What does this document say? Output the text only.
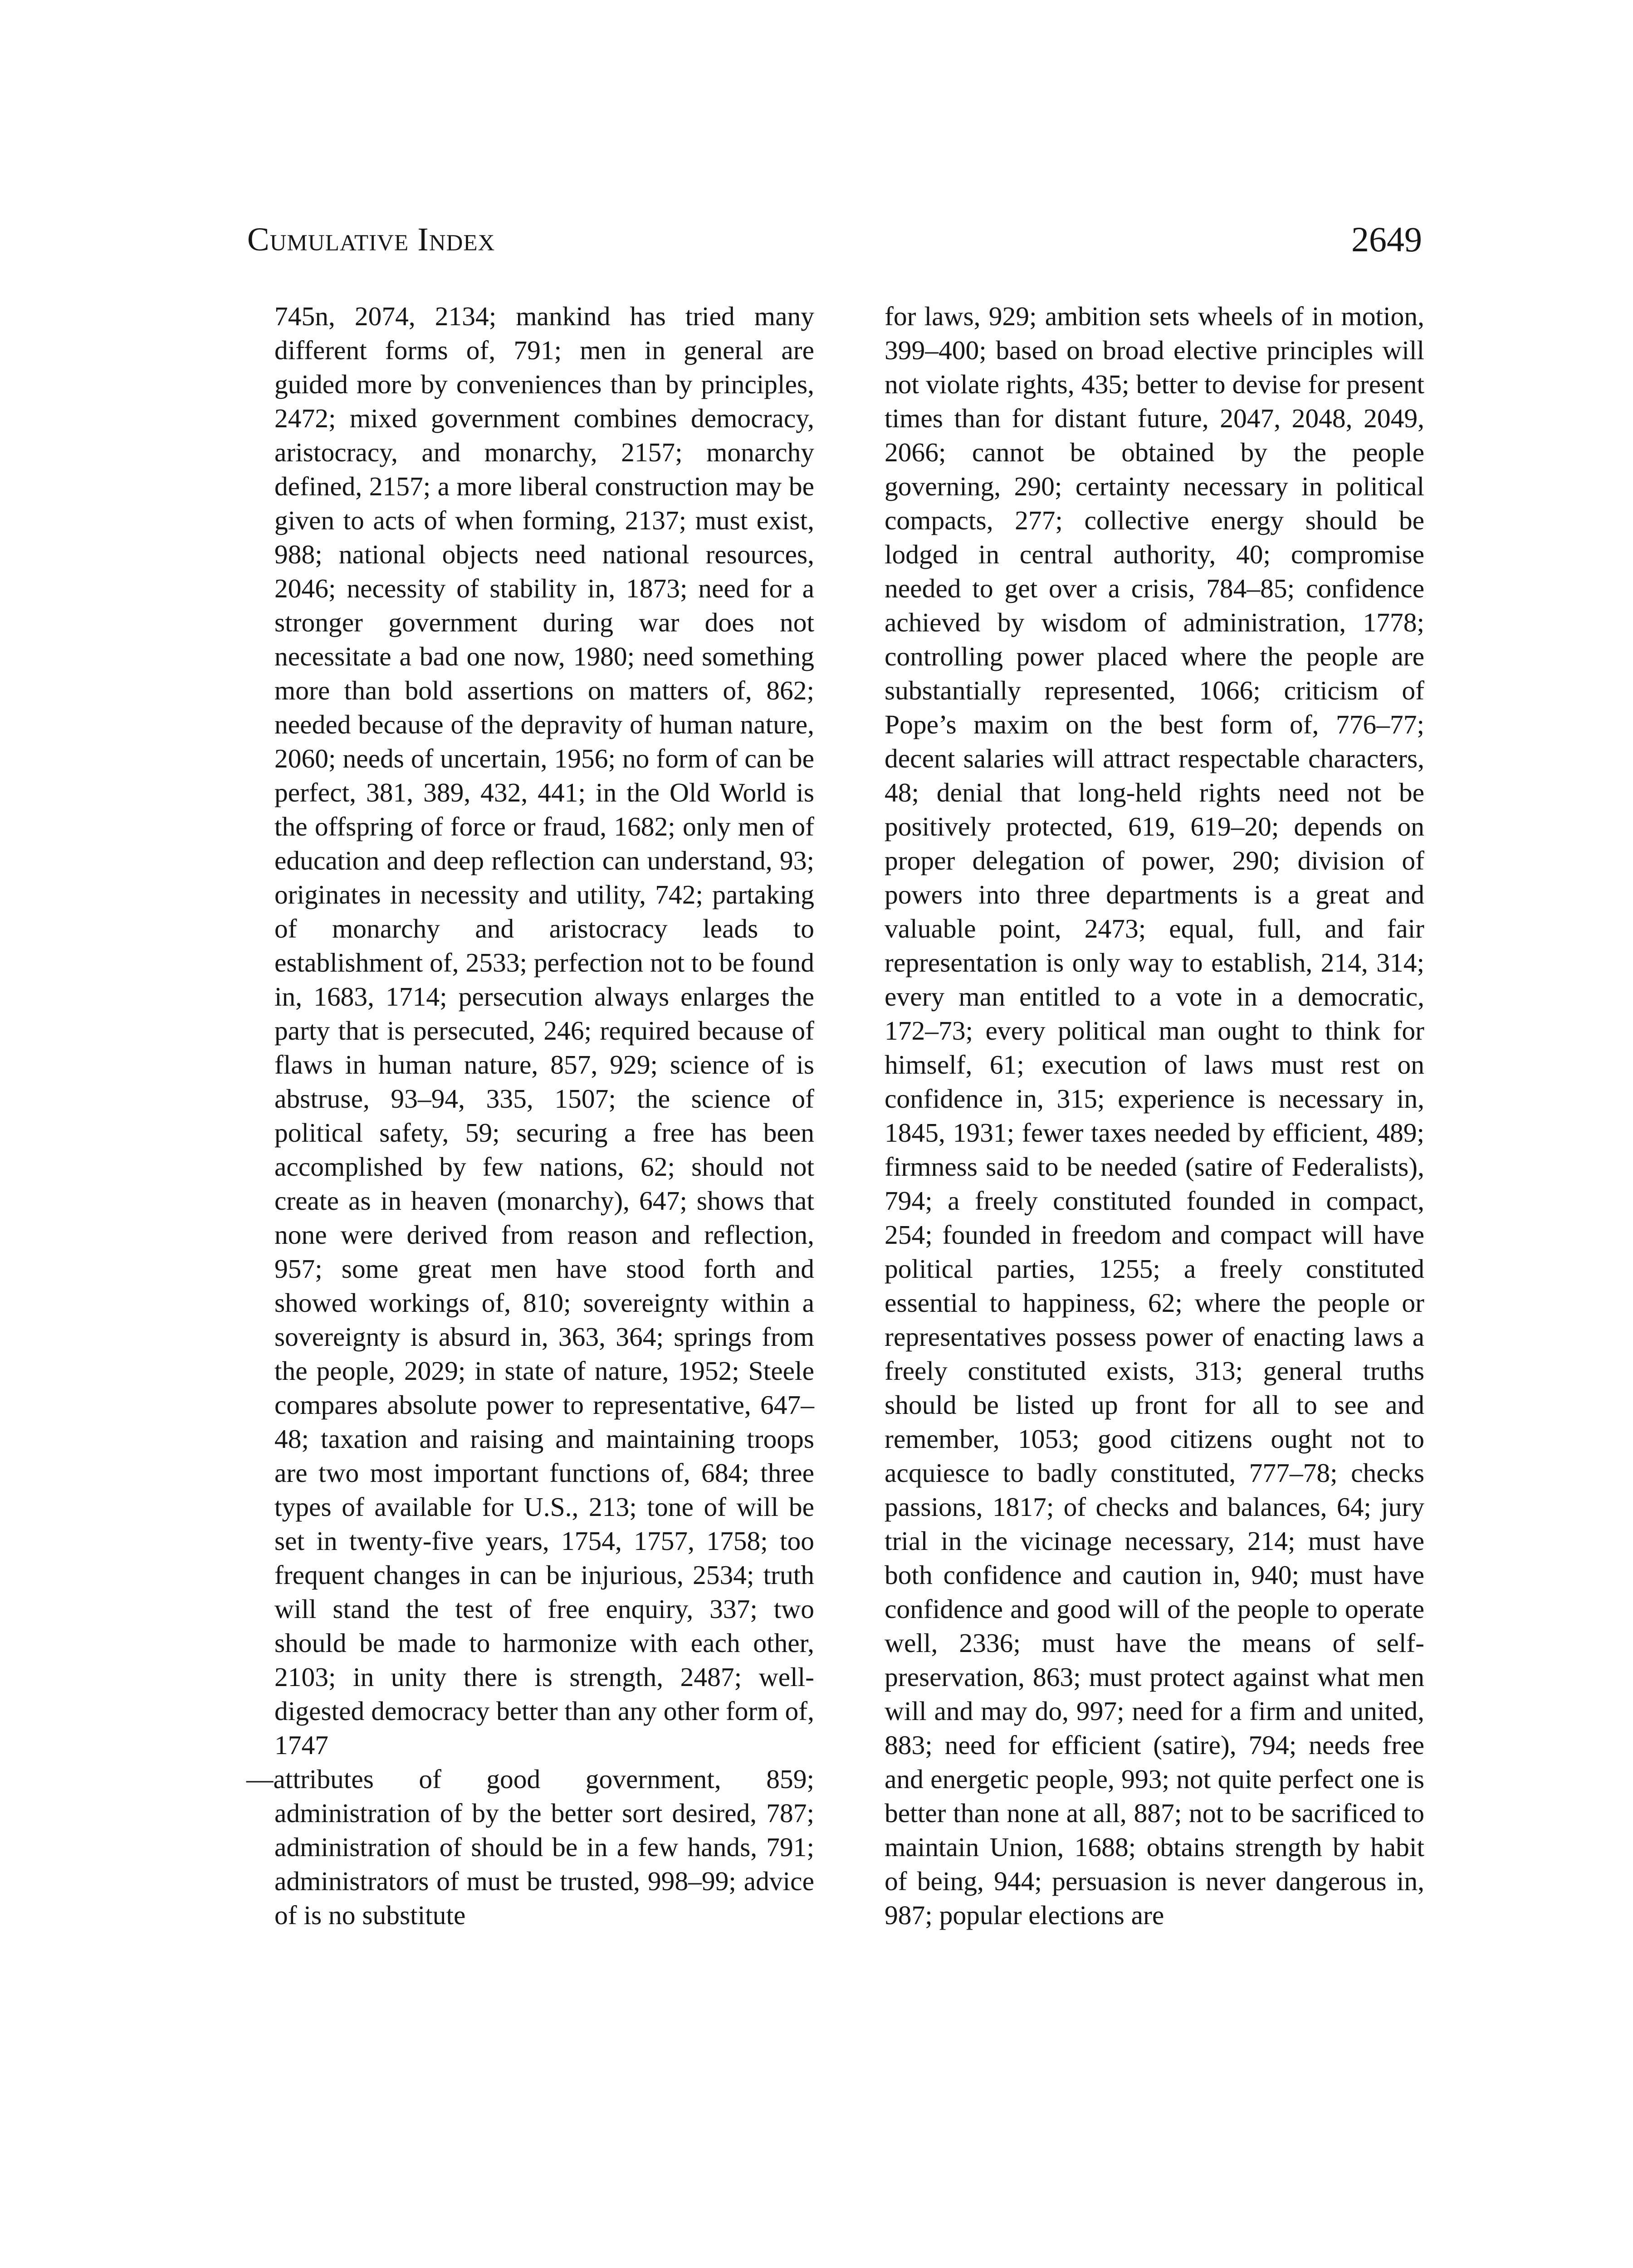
Cumulative Index	2649

745n, 2074, 2134; mankind has tried many different forms of, 791; men in general are guided more by conveniences than by principles, 2472; mixed government combines democracy, aristocracy, and monarchy, 2157; monarchy defined, 2157; a more liberal construction may be given to acts of when forming, 2137; must exist, 988; national objects need national resources, 2046; necessity of stability in, 1873; need for a stronger government during war does not necessitate a bad one now, 1980; need something more than bold assertions on matters of, 862; needed because of the depravity of human nature, 2060; needs of uncertain, 1956; no form of can be perfect, 381, 389, 432, 441; in the Old World is the offspring of force or fraud, 1682; only men of education and deep reflection can understand, 93; originates in necessity and utility, 742; partaking of monarchy and aristocracy leads to establishment of, 2533; perfection not to be found in, 1683, 1714; persecution always enlarges the party that is persecuted, 246; required because of flaws in human nature, 857, 929; science of is abstruse, 93–94, 335, 1507; the science of political safety, 59; securing a free has been accomplished by few nations, 62; should not create as in heaven (monarchy), 647; shows that none were derived from reason and reflection, 957; some great men have stood forth and showed workings of, 810; sovereignty within a sovereignty is absurd in, 363, 364; springs from the people, 2029; in state of nature, 1952; Steele compares absolute power to representative, 647–48; taxation and raising and maintaining troops are two most important functions of, 684; three types of available for U.S., 213; tone of will be set in twenty-five years, 1754, 1757, 1758; too frequent changes in can be injurious, 2534; truth will stand the test of free enquiry, 337; two should be made to harmonize with each other, 2103; in unity there is strength, 2487; well-digested democracy better than any other form of, 1747

—attributes of good government, 859; administration of by the better sort desired, 787; administration of should be in a few hands, 791; administrators of must be trusted, 998–99; advice of is no substitute

for laws, 929; ambition sets wheels of in motion, 399–400; based on broad elective principles will not violate rights, 435; better to devise for present times than for distant future, 2047, 2048, 2049, 2066; cannot be obtained by the people governing, 290; certainty necessary in political compacts, 277; collective energy should be lodged in central authority, 40; compromise needed to get over a crisis, 784–85; confidence achieved by wisdom of administration, 1778; controlling power placed where the people are substantially represented, 1066; criticism of Pope’s maxim on the best form of, 776–77; decent salaries will attract respectable characters, 48; denial that long-held rights need not be positively protected, 619, 619–20; depends on proper delegation of power, 290; division of powers into three departments is a great and valuable point, 2473; equal, full, and fair representation is only way to establish, 214, 314; every man entitled to a vote in a democratic, 172–73; every political man ought to think for himself, 61; execution of laws must rest on confidence in, 315; experience is necessary in, 1845, 1931; fewer taxes needed by efficient, 489; firmness said to be needed (satire of Federalists), 794; a freely constituted founded in compact, 254; founded in freedom and compact will have political parties, 1255; a freely constituted essential to happiness, 62; where the people or representatives possess power of enacting laws a freely constituted exists, 313; general truths should be listed up front for all to see and remember, 1053; good citizens ought not to acquiesce to badly constituted, 777–78; checks passions, 1817; of checks and balances, 64; jury trial in the vicinage necessary, 214; must have both confidence and caution in, 940; must have confidence and good will of the people to operate well, 2336; must have the means of self-preservation, 863; must protect against what men will and may do, 997; need for a firm and united, 883; need for efficient (satire), 794; needs free and energetic people, 993; not quite perfect one is better than none at all, 887; not to be sacrificed to maintain Union, 1688; obtains strength by habit of being, 944; persuasion is never dangerous in, 987; popular elections are
